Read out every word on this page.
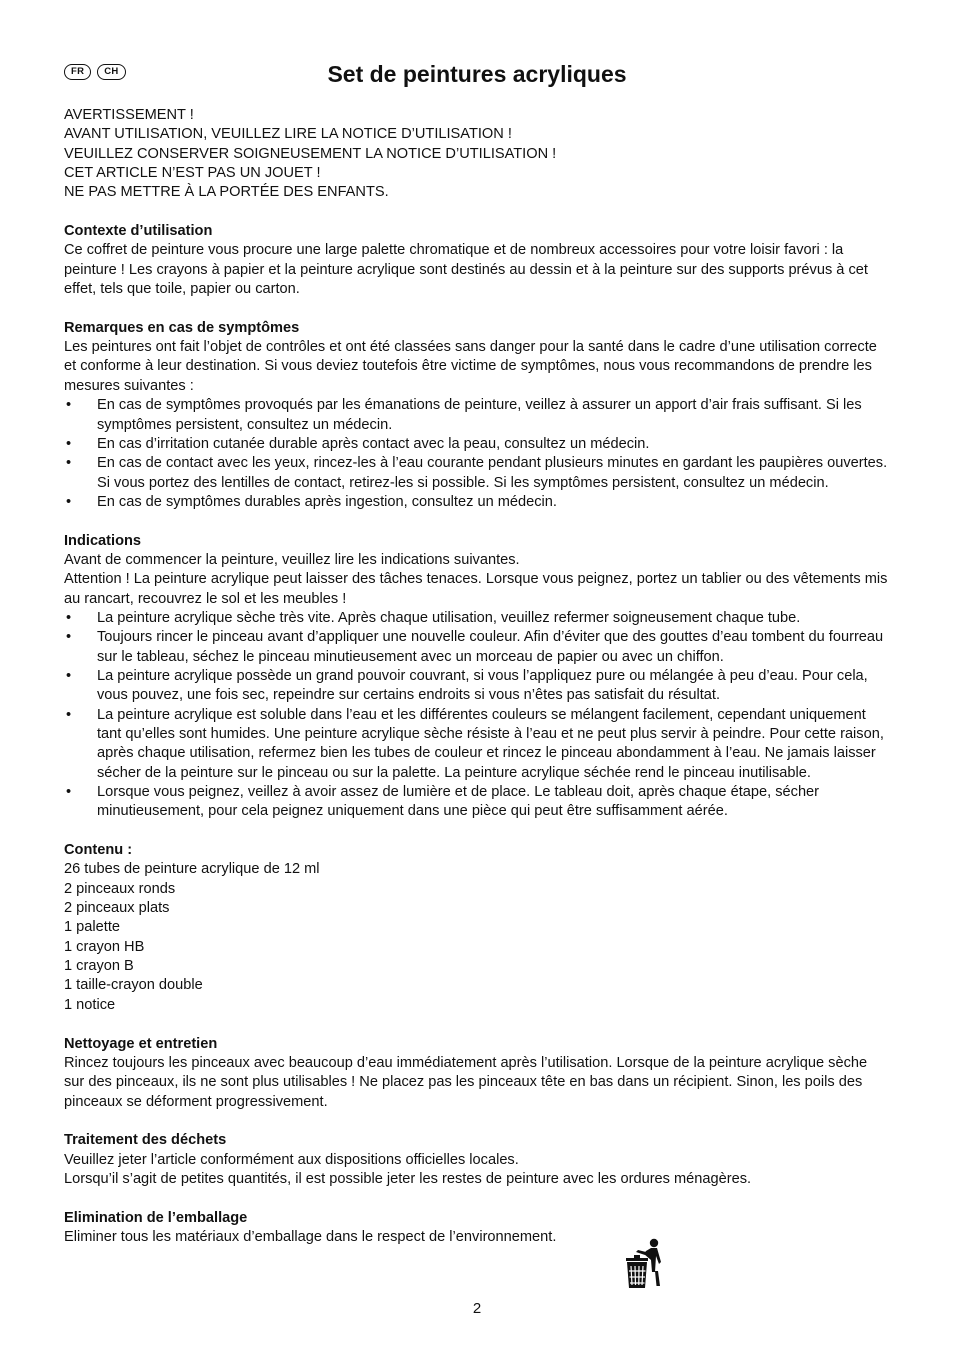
FR	CH	Set de peintures acryliques
AVERTISSEMENT !
AVANT UTILISATION, VEUILLEZ LIRE LA NOTICE D’UTILISATION !
VEUILLEZ CONSERVER SOIGNEUSEMENT LA NOTICE D’UTILISATION !
CET ARTICLE N’EST PAS UN JOUET !
NE PAS METTRE À LA PORTÉE DES ENFANTS.
Contexte d’utilisation
Ce coffret de peinture vous procure une large palette chromatique et de nombreux accessoires pour votre loisir favori : la peinture ! Les crayons à papier et la peinture acrylique sont destinés au dessin et à la peinture sur des supports prévus à cet effet, tels que toile, papier ou carton.
Remarques en cas de symptômes
Les peintures ont fait l’objet de contrôles et ont été classées sans danger pour la santé dans le cadre d’une utilisation correcte et conforme à leur destination. Si vous deviez toutefois être victime de symptômes, nous vous recommandons de prendre les mesures suivantes :
• En cas de symptômes provoqués par les émanations de peinture, veillez à assurer un apport d’air frais suffisant. Si les symptômes persistent, consultez un médecin.
• En cas d’irritation cutanée durable après contact avec la peau, consultez un médecin.
• En cas de contact avec les yeux, rincez-les à l’eau courante pendant plusieurs minutes en gardant les paupières ouvertes. Si vous portez des lentilles de contact, retirez-les si possible. Si les symptômes persistent, consultez un médecin.
• En cas de symptômes durables après ingestion, consultez un médecin.
Indications
Avant de commencer la peinture, veuillez lire les indications suivantes.
Attention ! La peinture acrylique peut laisser des tâches tenaces. Lorsque vous peignez, portez un tablier ou des vêtements mis au rancart, recouvrez le sol et les meubles !
• La peinture acrylique sèche très vite. Après chaque utilisation, veuillez refermer soigneusement chaque tube.
• Toujours rincer le pinceau avant d’appliquer une nouvelle couleur. Afin d’éviter que des gouttes d’eau tombent du fourreau sur le tableau, séchez le pinceau minutieusement avec un morceau de papier ou avec un chiffon.
• La peinture acrylique possède un grand pouvoir couvrant, si vous l’appliquez pure ou mélangée à peu d’eau. Pour cela, vous pouvez, une fois sec, repeindre sur certains endroits si vous n’êtes pas satisfait du résultat.
• La peinture acrylique est soluble dans l’eau et les différentes couleurs se mélangent facilement, cependant uniquement tant qu’elles sont humides. Une peinture acrylique sèche résiste à l’eau et ne peut plus servir à peindre. Pour cette raison, après chaque utilisation, refermez bien les tubes de couleur et rincez le pinceau abondamment à l’eau. Ne jamais laisser sécher de la peinture sur le pinceau ou sur la palette. La peinture acrylique séchée rend le pinceau inutilisable.
• Lorsque vous peignez, veillez à avoir assez de lumière et de place. Le tableau doit, après chaque étape, sécher minutieusement, pour cela peignez uniquement dans une pièce qui peut être suffisamment aérée.
Contenu :
26 tubes de peinture acrylique de 12 ml
2 pinceaux ronds
2 pinceaux plats
1 palette
1 crayon HB
1 crayon B
1 taille-crayon double
1 notice
Nettoyage et entretien
Rincez toujours les pinceaux avec beaucoup d’eau immédiatement après l’utilisation. Lorsque de la peinture acrylique sèche sur des pinceaux, ils ne sont plus utilisables ! Ne placez pas les pinceaux tête en bas dans un récipient. Sinon, les poils des pinceaux se déforment progressivement.
Traitement des déchets
Veuillez jeter l’article conformément aux dispositions officielles locales.
Lorsqu’il s’agit de petites quantités, il est possible jeter les restes de peinture avec les ordures ménagères.
Elimination de l’emballage
Eliminer tous les matériaux d’emballage dans le respect de l’environnement.
2
